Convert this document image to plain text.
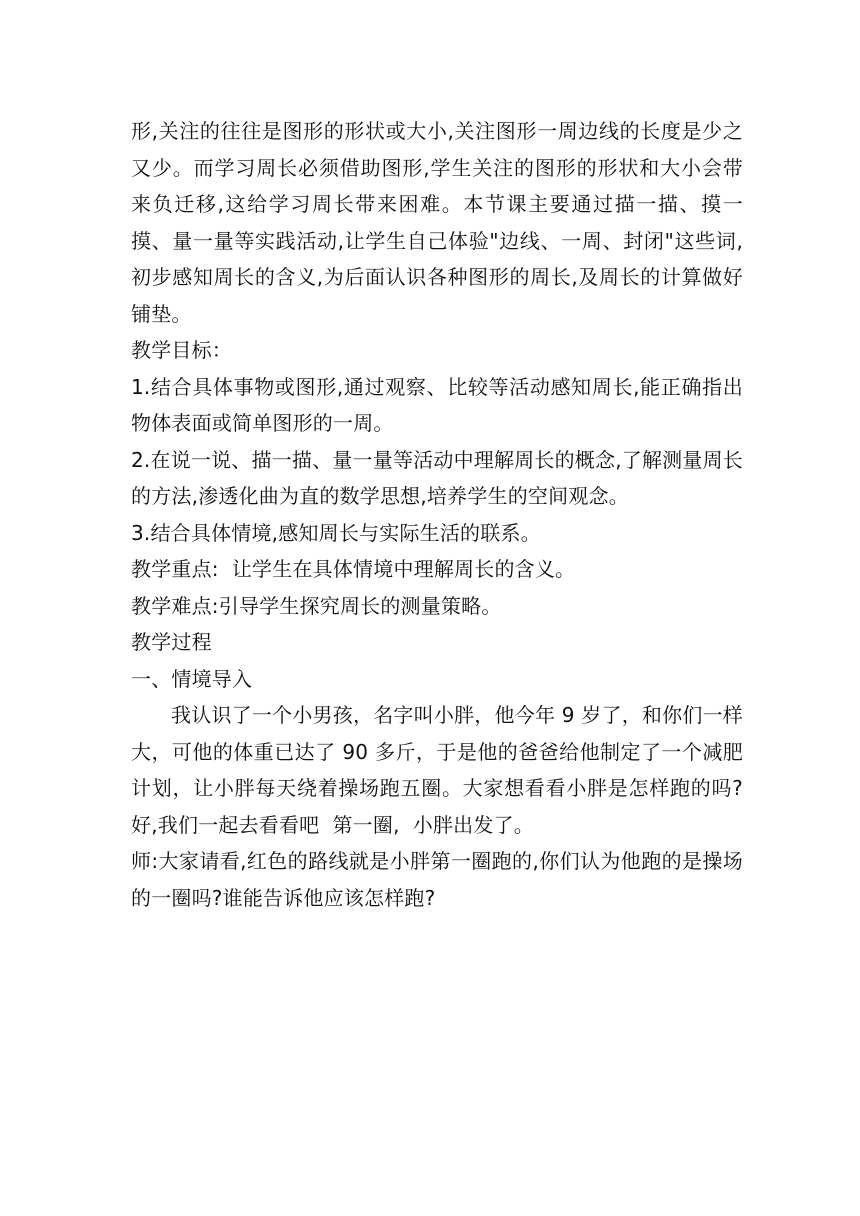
形,关注的往往是图形的形状或大小,关注图形一周边线的长度是少之又少。而学习周长必须借助图形,学生关注的图形的形状和大小会带来负迁移,这给学习周长带来困难。本节课主要通过描一描、摸一摸、量一量等实践活动,让学生自己体验"边线、一周、封闭"这些词,初步感知周长的含义,为后面认识各种图形的周长,及周长的计算做好铺垫。

教学目标：

1.结合具体事物或图形,通过观察、比较等活动感知周长,能正确指出物体表面或简单图形的一周。

2.在说一说、描一描、量一量等活动中理解周长的概念,了解测量周长的方法,渗透化曲为直的数学思想,培养学生的空间观念。

3.结合具体情境,感知周长与实际生活的联系。

教学重点:  让学生在具体情境中理解周长的含义。

教学难点:引导学生探究周长的测量策略。

教学过程

一、情境导入

我认识了一个小男孩，名字叫小胖，他今年 9 岁了，和你们一样大，可他的体重已达了 90 多斤，于是他的爸爸给他制定了一个减肥计划，让小胖每天绕着操场跑五圈。大家想看看小胖是怎样跑的吗?好,我们一起去看看吧  第一圈,  小胖出发了。

师:大家请看,红色的路线就是小胖第一圈跑的,你们认为他跑的是操场的一圈吗?谁能告诉他应该怎样跑?
